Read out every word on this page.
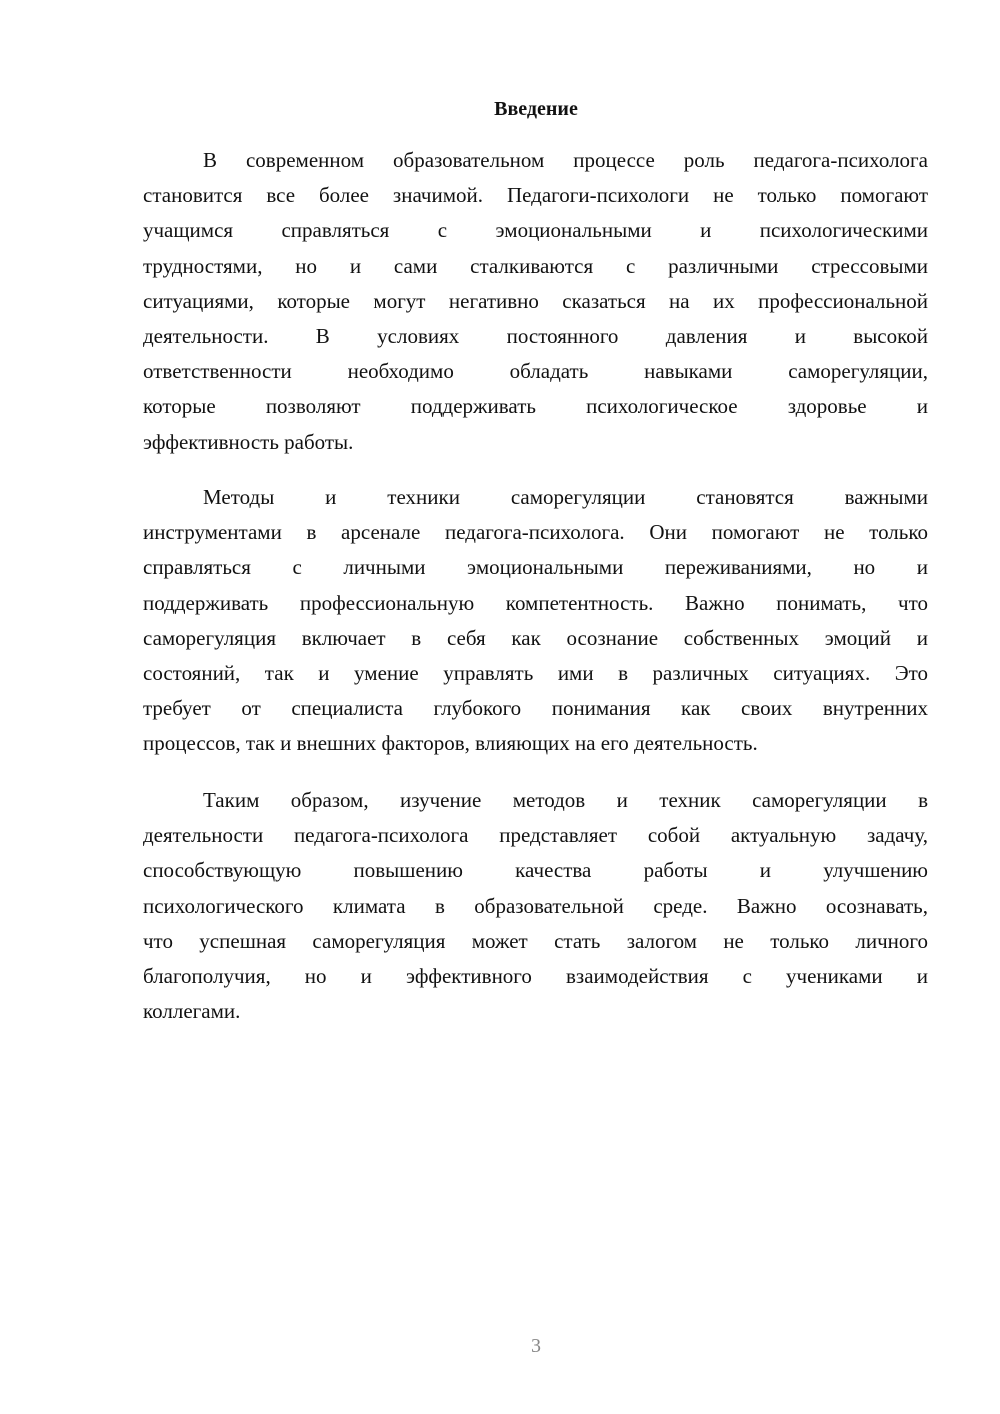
Введение
В современном образовательном процессе роль педагога-психолога
становится все более значимой. Педагоги-психологи не только помогают
учащимся справляться с эмоциональными и психологическими
трудностями, но и сами сталкиваются с различными стрессовыми
ситуациями, которые могут негативно сказаться на их профессиональной
деятельности. В условиях постоянного давления и высокой
ответственности необходимо обладать навыками саморегуляции,
которые позволяют поддерживать психологическое здоровье и
эффективность работы.
Методы и техники саморегуляции становятся важными
инструментами в арсенале педагога-психолога. Они помогают не только
справляться с личными эмоциональными переживаниями, но и
поддерживать профессиональную компетентность. Важно понимать, что
саморегуляция включает в себя как осознание собственных эмоций и
состояний, так и умение управлять ими в различных ситуациях. Это
требует от специалиста глубокого понимания как своих внутренних
процессов, так и внешних факторов, влияющих на его деятельность.
Таким образом, изучение методов и техник саморегуляции в
деятельности педагога-психолога представляет собой актуальную задачу,
способствующую повышению качества работы и улучшению
психологического климата в образовательной среде. Важно осознавать,
что успешная саморегуляция может стать залогом не только личного
благополучия, но и эффективного взаимодействия с учениками и
коллегами.
3
